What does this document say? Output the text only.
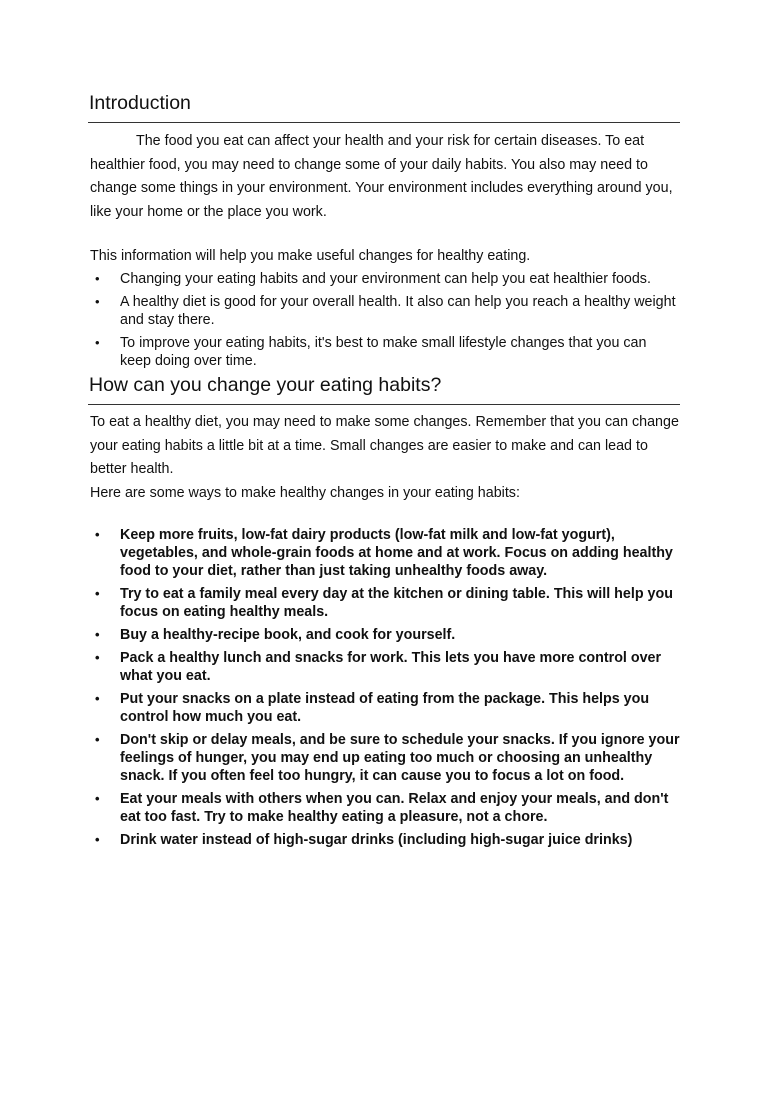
Introduction

The food you eat can affect your health and your risk for certain diseases. To eat healthier food, you may need to change some of your daily habits. You also may need to change some things in your environment. Your environment includes everything around you, like your home or the place you work.

This information will help you make useful changes for healthy eating.

• Changing your eating habits and your environment can help you eat healthier foods.
• A healthy diet is good for your overall health. It also can help you reach a healthy weight and stay there.
• To improve your eating habits, it's best to make small lifestyle changes that you can keep doing over time.
How can you change your eating habits?

To eat a healthy diet, you may need to make some changes. Remember that you can change your eating habits a little bit at a time. Small changes are easier to make and can lead to better health.

Here are some ways to make healthy changes in your eating habits:

• Keep more fruits, low-fat dairy products (low-fat milk and low-fat yogurt), vegetables, and whole-grain foods at home and at work. Focus on adding healthy food to your diet, rather than just taking unhealthy foods away.
• Try to eat a family meal every day at the kitchen or dining table. This will help you focus on eating healthy meals.
• Buy a healthy-recipe book, and cook for yourself.
• Pack a healthy lunch and snacks for work. This lets you have more control over what you eat.
• Put your snacks on a plate instead of eating from the package. This helps you control how much you eat.
• Don't skip or delay meals, and be sure to schedule your snacks. If you ignore your feelings of hunger, you may end up eating too much or choosing an unhealthy snack. If you often feel too hungry, it can cause you to focus a lot on food.
• Eat your meals with others when you can. Relax and enjoy your meals, and don't eat too fast. Try to make healthy eating a pleasure, not a chore.
• Drink water instead of high-sugar drinks (including high-sugar juice drinks)
